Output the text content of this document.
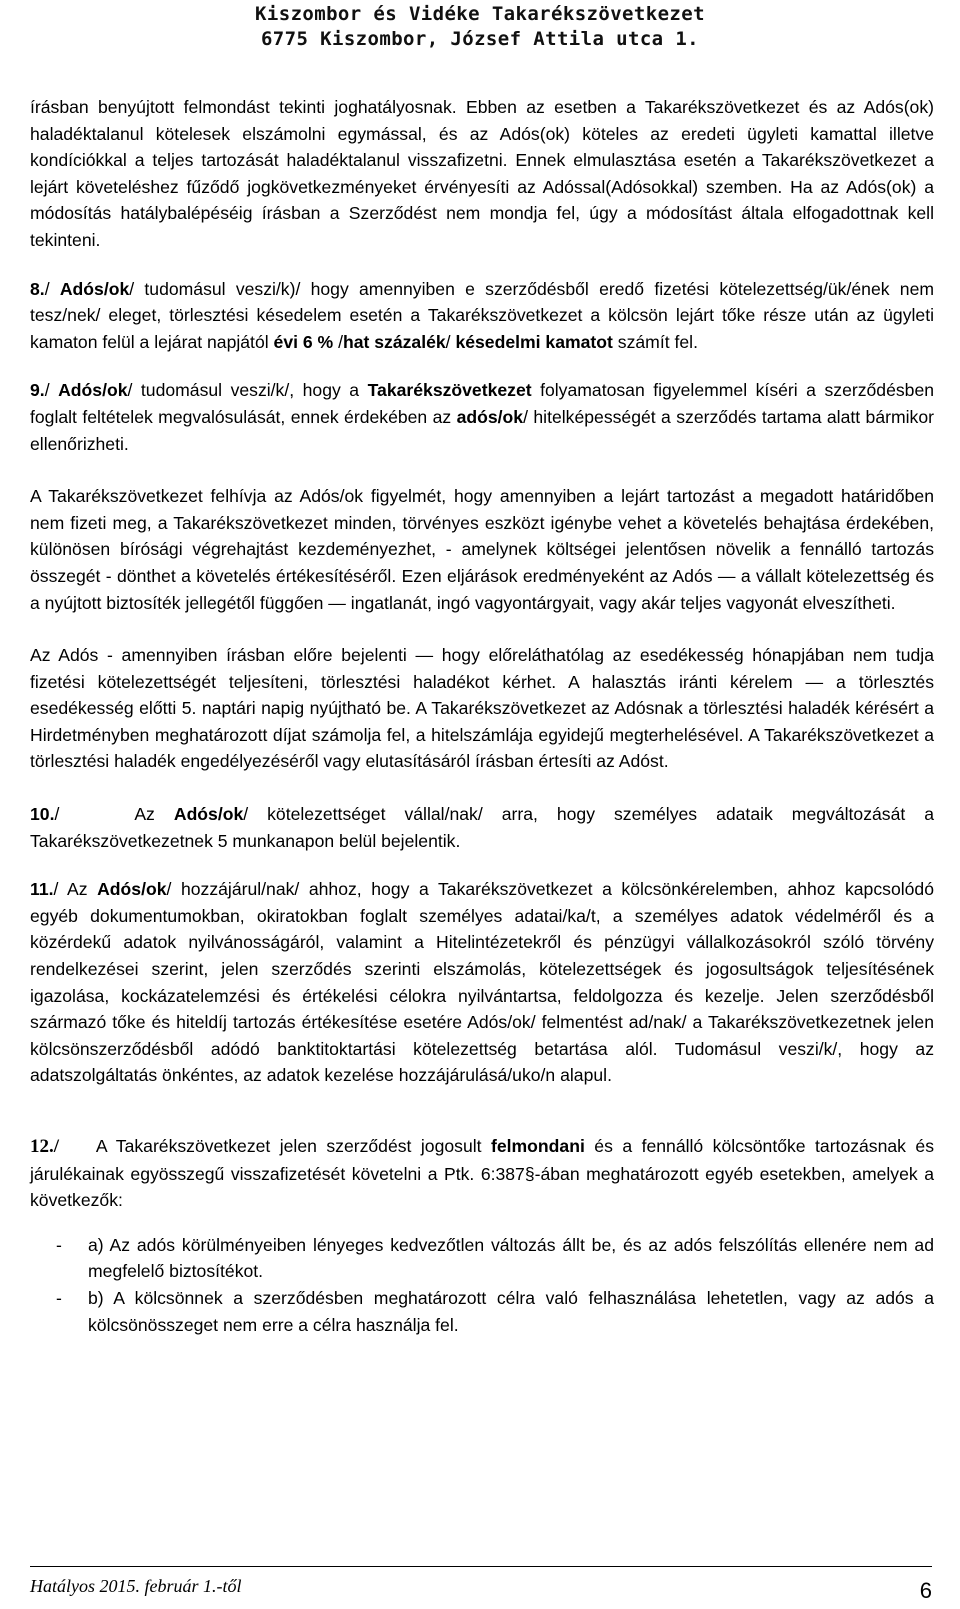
Kiszombor és Vidéke Takarékszövetkezet
6775 Kiszombor, József Attila utca 1.

írásban benyújtott felmondást tekinti joghatályosnak. Ebben az esetben a Takarékszövetkezet és az Adós(ok) haladéktalanul kötelesek elszámolni egymással, és az Adós(ok) köteles az eredeti ügyleti kamattal illetve kondíciókkal a teljes tartozását haladéktalanul visszafizetni. Ennek elmulasztása esetén a Takarékszövetkezet a lejárt követeléshez fűződő jogkövetkezményeket érvényesíti az Adóssal(Adósokkal) szemben. Ha az Adós(ok) a módosítás hatálybalépéséig írásban a Szerződést nem mondja fel, úgy a módosítást általa elfogadottnak kell tekinteni.

8./ Adós/ok/ tudomásul veszi/k)/ hogy amennyiben e szerződésből eredő fizetési kötelezettség/ük/ének nem tesz/nek/ eleget, törlesztési késedelem esetén a Takarékszövetkezet a kölcsön lejárt tőke része után az ügyleti kamaton felül a lejárat napjától évi 6 % /hat százalék/ késedelmi kamatot számít fel.

9./ Adós/ok/ tudomásul veszi/k/, hogy a Takarékszövetkezet folyamatosan figyelemmel kíséri a szerződésben foglalt feltételek megvalósulását, ennek érdekében az adós/ok/ hitelképességét a szerződés tartama alatt bármikor ellenőrizheti.

A Takarékszövetkezet felhívja az Adós/ok figyelmét, hogy amennyiben a lejárt tartozást a megadott határidőben nem fizeti meg, a Takarékszövetkezet minden, törvényes eszközt igénybe vehet a követelés behajtása érdekében, különösen bírósági végrehajtást kezdeményezhet, - amelynek költségei jelentősen növelik a fennálló tartozás összegét - dönthet a követelés értékesítéséről. Ezen eljárások eredményeként az Adós — a vállalt kötelezettség és a nyújtott biztosíték jellegétől függően — ingatlanát, ingó vagyontárgyait, vagy akár teljes vagyonát elveszítheti.

Az Adós - amennyiben írásban előre bejelenti — hogy előreláthatólag az esedékesség hónapjában nem tudja fizetési kötelezettségét teljesíteni, törlesztési haladékot kérhet. A halasztás iránti kérelem — a törlesztés esedékesség előtti 5. naptári napig nyújtható be. A Takarékszövetkezet az Adósnak a törlesztési haladék kérésért a Hirdetményben meghatározott díjat számolja fel, a hitelszámlája egyidejű megterhelésével. A Takarékszövetkezet a törlesztési haladék engedélyezéséről vagy elutasításáról írásban értesíti az Adóst.

10./    Az Adós/ok/ kötelezettséget vállal/nak/ arra, hogy személyes adataik megváltozását a Takarékszövetkezetnek 5 munkanapon belül bejelentik.

11./ Az Adós/ok/ hozzájárul/nak/ ahhoz, hogy a Takarékszövetkezet a kölcsönkérelemben, ahhoz kapcsolódó egyéb dokumentumokban, okiratokban foglalt személyes adatai/ka/t, a személyes adatok védelméről és a közérdekű adatok nyilvánosságáról, valamint a Hitelintézetekről és pénzügyi vállalkozásokról szóló törvény rendelkezései szerint, jelen szerződés szerinti elszámolás, kötelezettségek és jogosultságok teljesítésének igazolása, kockázatelemzési és értékelési célokra nyilvántartsa, feldolgozza és kezelje. Jelen szerződésből származó tőke és hiteldíj tartozás értékesítése esetére Adós/ok/ felmentést ad/nak/ a Takarékszövetkezetnek jelen kölcsönszerződésből adódó banktitoktartási kötelezettség betartása alól. Tudomásul veszi/k/, hogy az adatszolgáltatás önkéntes, az adatok kezelése hozzájárulásá/uko/n alapul.

12./    A Takarékszövetkezet jelen szerződést jogosult felmondani és a fennálló kölcsöntőke tartozásnak és járulékainak egyösszegű visszafizetését követelni a Ptk. 6:387§-ában meghatározott egyéb esetekben, amelyek a következők:

- a) Az adós körülményeiben lényeges kedvezőtlen változás állt be, és az adós felszólítás ellenére nem ad megfelelő biztosítékot.
- b) A kölcsönnek a szerződésben meghatározott célra való felhasználása lehetetlen, vagy az adós a kölcsönösszeget nem erre a célra használja fel.
Hatályos 2015. február 1.-től	6
